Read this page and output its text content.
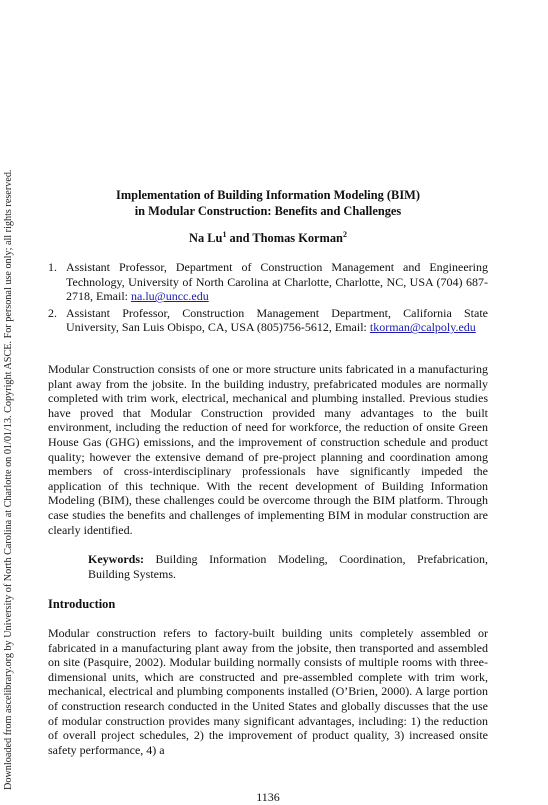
Downloaded from ascelibrary.org by University of North Carolina at Charlotte on 01/01/13. Copyright ASCE. For personal use only; all rights reserved.	Implementation of Building Information Modeling (BIM)
in Modular Construction: Benefits and Challenges
Na Lu$^1$ and Thomas Korman$^2$
1. Assistant Professor, Department of Construction Management and Engineering Technology, University of North Carolina at Charlotte, Charlotte, NC, USA (704) 687-2718, Email: na.lu@uncc.edu
2. Assistant Professor, Construction Management Department, California State University, San Luis Obispo, CA, USA (805)756-5612, Email: tkorman@calpoly.edu

Modular Construction consists of one or more structure units fabricated in a manufacturing plant away from the jobsite. In the building industry, prefabricated modules are normally completed with trim work, electrical, mechanical and plumbing installed. Previous studies have proved that Modular Construction provided many advantages to the built environment, including the reduction of need for workforce, the reduction of onsite Green House Gas (GHG) emissions, and the improvement of construction schedule and product quality; however the extensive demand of pre-project planning and coordination among members of cross-interdisciplinary professionals have significantly impeded the application of this technique. With the recent development of Building Information Modeling (BIM), these challenges could be overcome through the BIM platform. Through case studies the benefits and challenges of implementing BIM in modular construction are clearly identified.

Keywords: Building Information Modeling, Coordination, Prefabrication, Building Systems.

Introduction

Modular construction refers to factory-built building units completely assembled or fabricated in a manufacturing plant away from the jobsite, then transported and assembled on site (Pasquire, 2002). Modular building normally consists of multiple rooms with three-dimensional units, which are constructed and pre-assembled complete with trim work, mechanical, electrical and plumbing components installed (O’Brien, 2000). A large portion of construction research conducted in the United States and globally discusses that the use of modular construction provides many significant advantages, including: 1) the reduction of overall project schedules, 2) the improvement of product quality, 3) increased onsite safety performance, 4) a

1136
